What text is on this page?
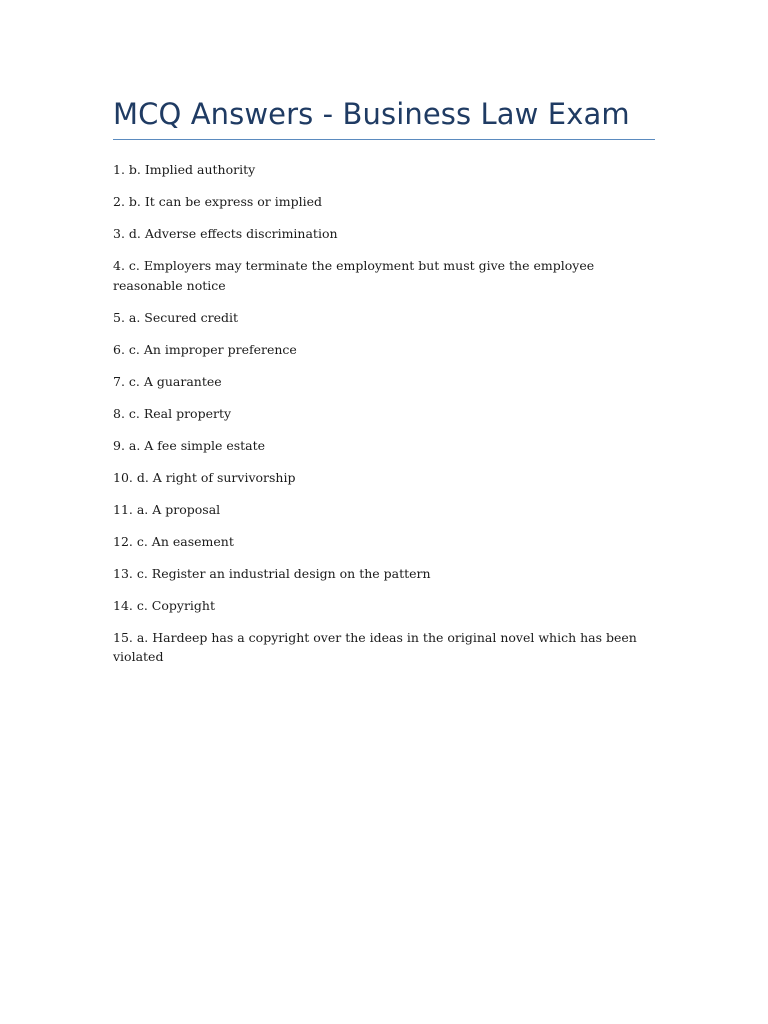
MCQ Answers - Business Law Exam
1. b. Implied authority
2. b. It can be express or implied
3. d. Adverse effects discrimination
4. c. Employers may terminate the employment but must give the employee reasonable notice
5. a. Secured credit
6. c. An improper preference
7. c. A guarantee
8. c. Real property
9. a. A fee simple estate
10. d. A right of survivorship
11. a. A proposal
12. c. An easement
13. c. Register an industrial design on the pattern
14. c. Copyright
15. a. Hardeep has a copyright over the ideas in the original novel which has been violated
